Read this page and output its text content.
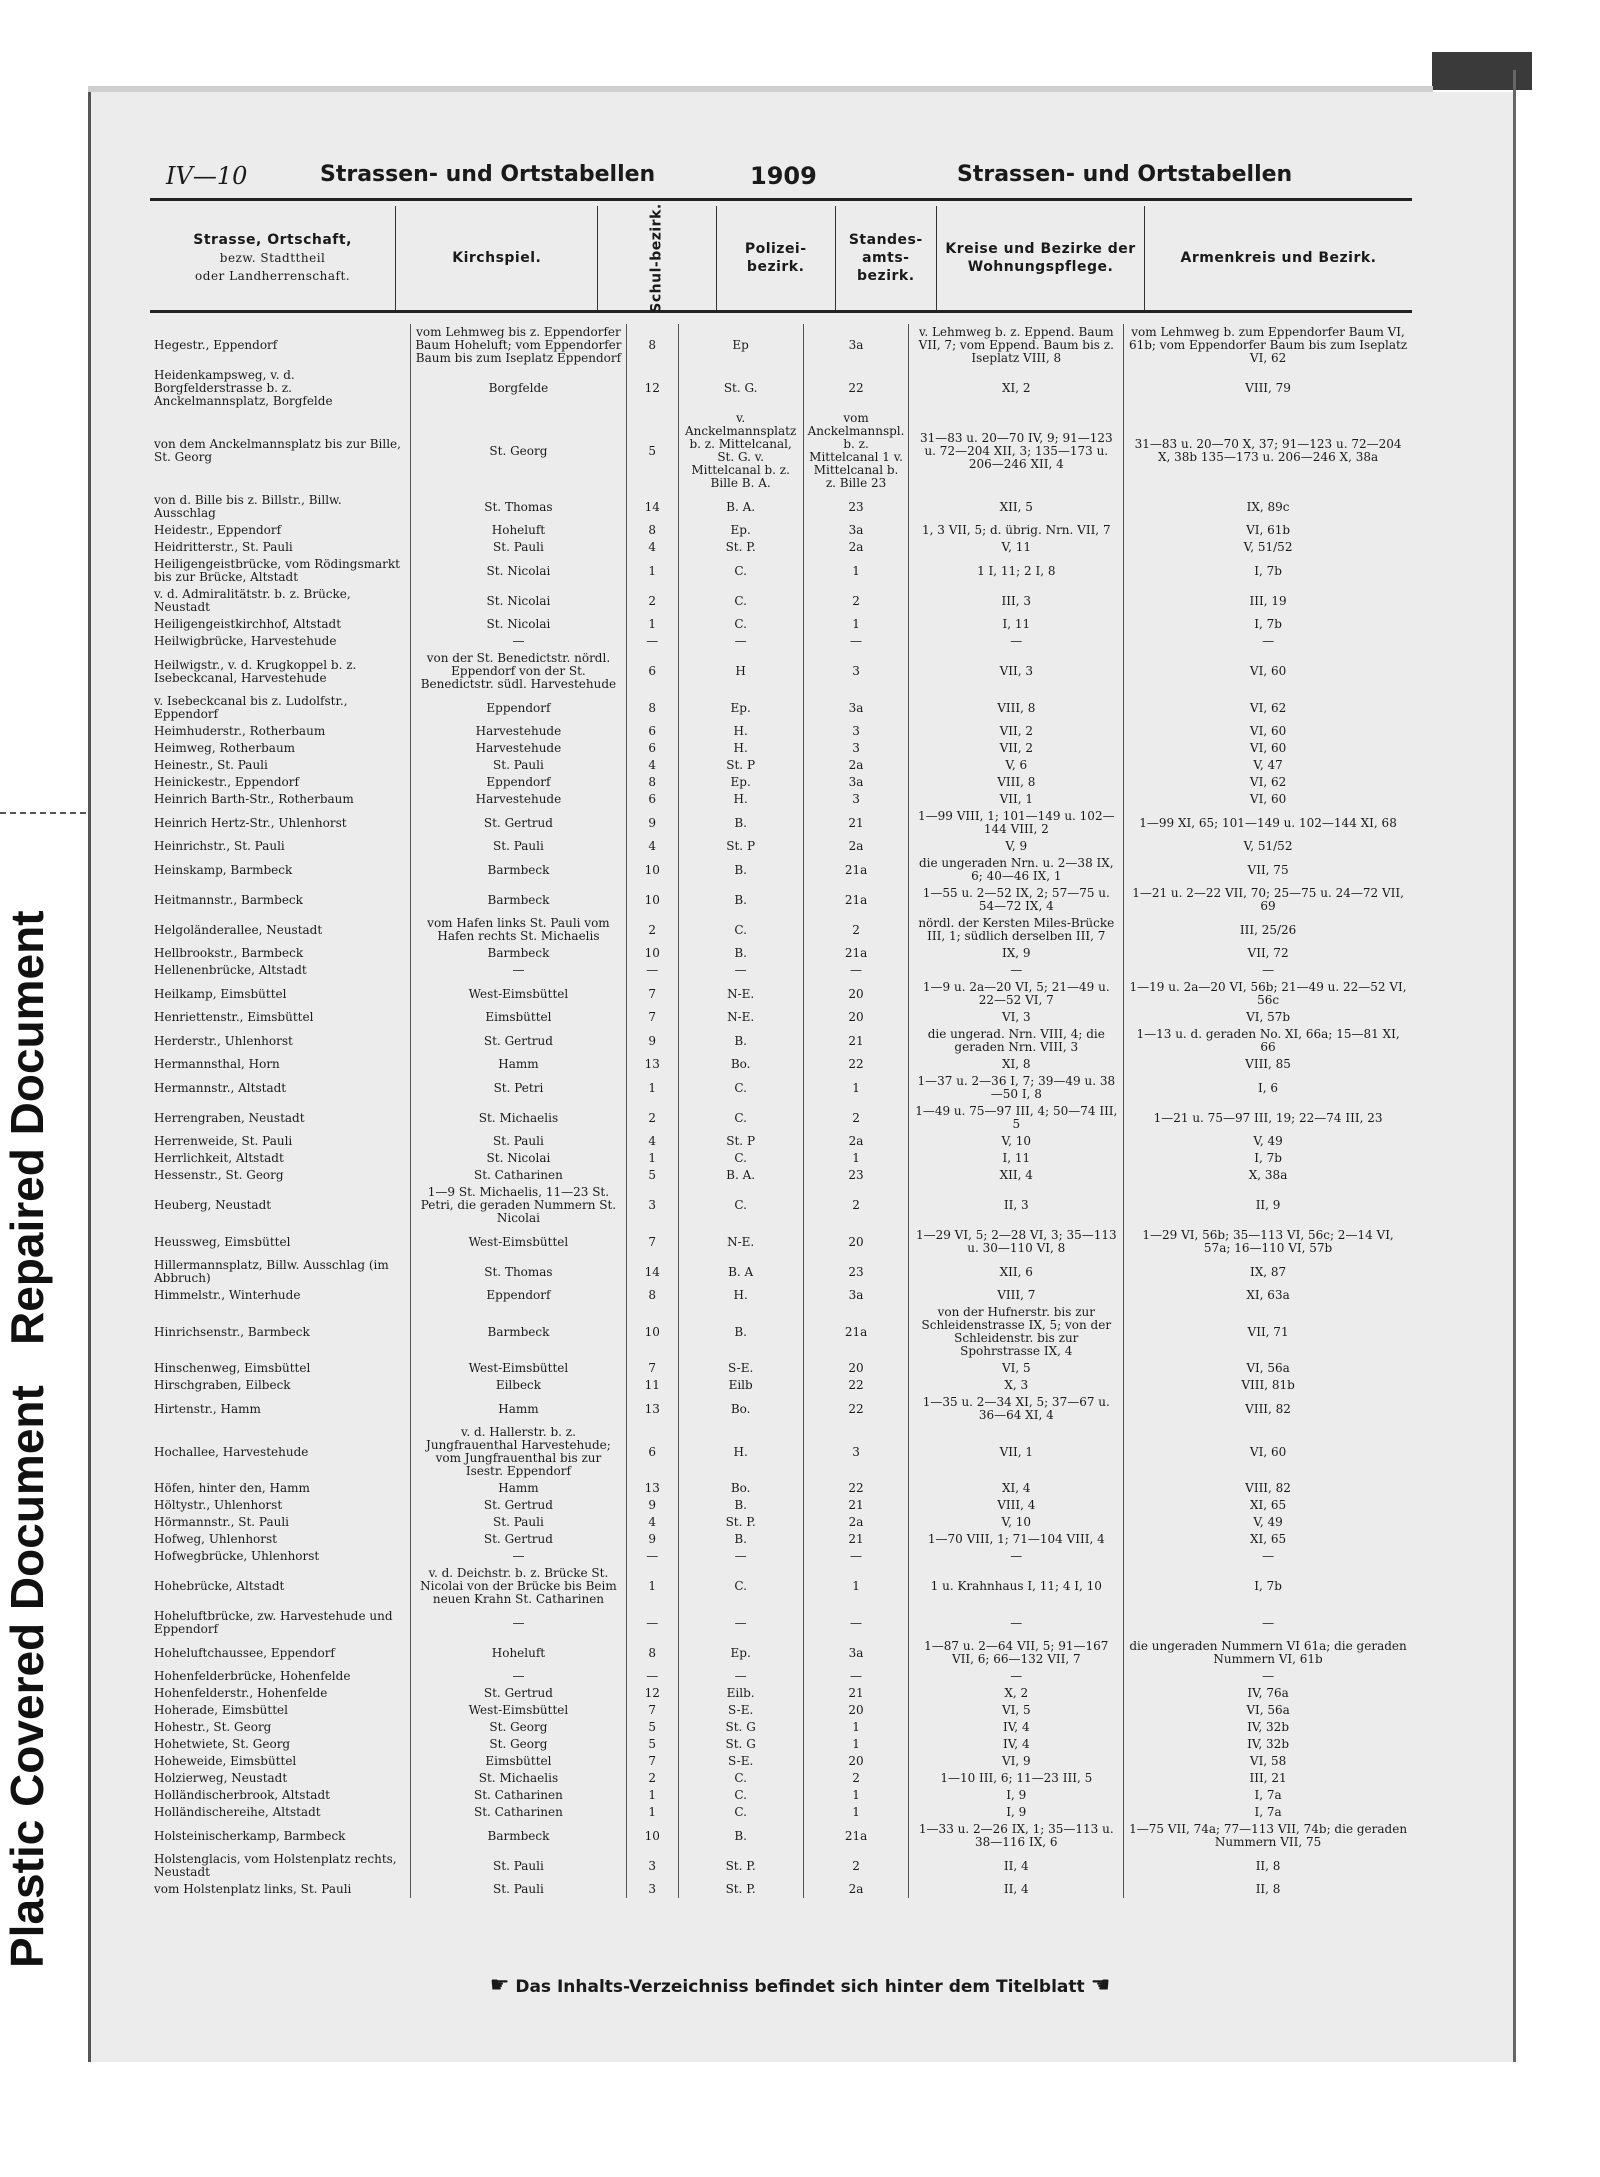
Repaired Document
Plastic Covered Document
IV—10	Strassen- und Ortstabellen	1909	Strassen- und Ortstabellen
Strasse, Ortschaft,
bezw. Stadttheil
oder Landherrenschaft.
	Kirchspiel.	Schul-bezirk.	Polizei-bezirk.	Standes-amts-bezirk.	Kreise und Bezirke der Wohnungspflege.	Armenkreis und Bezirk.
Hegestr., Eppendorf	vom Lehmweg bis z. Eppendorfer Baum Hoheluft; vom Eppendorfer Baum bis zum Iseplatz Eppendorf	8	Ep	3a	v. Lehmweg b. z. Eppend. Baum VII, 7; vom Eppend. Baum bis z. Iseplatz VIII, 8	vom Lehmweg b. zum Eppendorfer Baum VI, 61b; vom Eppendorfer Baum bis zum Iseplatz VI, 62
Heidenkampsweg, v. d. Borgfelderstrasse b. z. Anckelmannsplatz, Borgfelde	Borgfelde	12	St. G.	22	XI, 2	VIII, 79
von dem Anckelmannsplatz bis zur Bille, St. Georg	St. Georg	5	v. Anckelmannsplatz b. z. Mittelcanal, St. G. v. Mittelcanal b. z. Bille B. A.	vom Anckelmannspl. b. z. Mittelcanal 1 v. Mittelcanal b. z. Bille 23	31—83 u. 20—70 IV, 9; 91—123 u. 72—204 XII, 3; 135—173 u. 206—246 XII, 4	31—83 u. 20—70 X, 37; 91—123 u. 72—204 X, 38b 135—173 u. 206—246 X, 38a
von d. Bille bis z. Billstr., Billw. Ausschlag	St. Thomas	14	B. A.	23	XII, 5	IX, 89c
Heidestr., Eppendorf	Hoheluft	8	Ep.	3a	1, 3 VII, 5; d. übrig. Nrn. VII, 7	VI, 61b
Heidritterstr., St. Pauli	St. Pauli	4	St. P.	2a	V, 11	V, 51/52
Heiligengeistbrücke, vom Rödingsmarkt bis zur Brücke, Altstadt	St. Nicolai	1	C.	1	1 I, 11; 2 I, 8	I, 7b
v. d. Admiralitätstr. b. z. Brücke, Neustadt	St. Nicolai	2	C.	2	III, 3	III, 19
Heiligengeistkirchhof, Altstadt	St. Nicolai	1	C.	1	I, 11	I, 7b
Heilwigbrücke, Harvestehude	—	—	—	—	—	—
Heilwigstr., v. d. Krugkoppel b. z. Isebeckcanal, Harvestehude	von der St. Benedictstr. nördl. Eppendorf von der St. Benedictstr. südl. Harvestehude	6	H	3	VII, 3	VI, 60
v. Isebeckcanal bis z. Ludolfstr., Eppendorf	Eppendorf	8	Ep.	3a	VIII, 8	VI, 62
Heimhuderstr., Rotherbaum	Harvestehude	6	H.	3	VII, 2	VI, 60
Heimweg, Rotherbaum	Harvestehude	6	H.	3	VII, 2	VI, 60
Heinestr., St. Pauli	St. Pauli	4	St. P	2a	V, 6	V, 47
Heinickestr., Eppendorf	Eppendorf	8	Ep.	3a	VIII, 8	VI, 62
Heinrich Barth-Str., Rotherbaum	Harvestehude	6	H.	3	VII, 1	VI, 60
Heinrich Hertz-Str., Uhlenhorst	St. Gertrud	9	B.	21	1—99 VIII, 1; 101—149 u. 102—144 VIII, 2	1—99 XI, 65; 101—149 u. 102—144 XI, 68
Heinrichstr., St. Pauli	St. Pauli	4	St. P	2a	V, 9	V, 51/52
Heinskamp, Barmbeck	Barmbeck	10	B.	21a	die ungeraden Nrn. u. 2—38 IX, 6; 40—46 IX, 1	VII, 75
Heitmannstr., Barmbeck	Barmbeck	10	B.	21a	1—55 u. 2—52 IX, 2; 57—75 u. 54—72 IX, 4	1—21 u. 2—22 VII, 70; 25—75 u. 24—72 VII, 69
Helgoländerallee, Neustadt	vom Hafen links St. Pauli vom Hafen rechts St. Michaelis	2	C.	2	nördl. der Kersten Miles-Brücke III, 1; südlich derselben III, 7	III, 25/26
Hellbrookstr., Barmbeck	Barmbeck	10	B.	21a	IX, 9	VII, 72
Hellenenbrücke, Altstadt	—	—	—	—	—	—
Heilkamp, Eimsbüttel	West-Eimsbüttel	7	N-E.	20	1—9 u. 2a—20 VI, 5; 21—49 u. 22—52 VI, 7	1—19 u. 2a—20 VI, 56b; 21—49 u. 22—52 VI, 56c
Henriettenstr., Eimsbüttel	Eimsbüttel	7	N-E.	20	VI, 3	VI, 57b
Herderstr., Uhlenhorst	St. Gertrud	9	B.	21	die ungerad. Nrn. VIII, 4; die geraden Nrn. VIII, 3	1—13 u. d. geraden No. XI, 66a; 15—81 XI, 66
Hermannsthal, Horn	Hamm	13	Bo.	22	XI, 8	VIII, 85
Hermannstr., Altstadt	St. Petri	1	C.	1	1—37 u. 2—36 I, 7; 39—49 u. 38—50 I, 8	I, 6
Herrengraben, Neustadt	St. Michaelis	2	C.	2	1—49 u. 75—97 III, 4; 50—74 III, 5	1—21 u. 75—97 III, 19; 22—74 III, 23
Herrenweide, St. Pauli	St. Pauli	4	St. P	2a	V, 10	V, 49
Herrlichkeit, Altstadt	St. Nicolai	1	C.	1	I, 11	I, 7b
Hessenstr., St. Georg	St. Catharinen	5	B. A.	23	XII, 4	X, 38a
Heuberg, Neustadt	1—9 St. Michaelis, 11—23 St. Petri, die geraden Nummern St. Nicolai	3	C.	2	II, 3	II, 9
Heussweg, Eimsbüttel	West-Eimsbüttel	7	N-E.	20	1—29 VI, 5; 2—28 VI, 3; 35—113 u. 30—110 VI, 8	1—29 VI, 56b; 35—113 VI, 56c; 2—14 VI, 57a; 16—110 VI, 57b
Hillermannsplatz, Billw. Ausschlag (im Abbruch)	St. Thomas	14	B. A	23	XII, 6	IX, 87
Himmelstr., Winterhude	Eppendorf	8	H.	3a	VIII, 7	XI, 63a
Hinrichsenstr., Barmbeck	Barmbeck	10	B.	21a	von der Hufnerstr. bis zur Schleidenstrasse IX, 5; von der Schleidenstr. bis zur Spohrstrasse IX, 4	VII, 71
Hinschenweg, Eimsbüttel	West-Eimsbüttel	7	S-E.	20	VI, 5	VI, 56a
Hirschgraben, Eilbeck	Eilbeck	11	Eilb	22	X, 3	VIII, 81b
Hirtenstr., Hamm	Hamm	13	Bo.	22	1—35 u. 2—34 XI, 5; 37—67 u. 36—64 XI, 4	VIII, 82
Hochallee, Harvestehude	v. d. Hallerstr. b. z. Jungfrauenthal Harvestehude; vom Jungfrauenthal bis zur Isestr. Eppendorf	6	H.	3	VII, 1	VI, 60
Höfen, hinter den, Hamm	Hamm	13	Bo.	22	XI, 4	VIII, 82
Höltystr., Uhlenhorst	St. Gertrud	9	B.	21	VIII, 4	XI, 65
Hörmannstr., St. Pauli	St. Pauli	4	St. P.	2a	V, 10	V, 49
Hofweg, Uhlenhorst	St. Gertrud	9	B.	21	1—70 VIII, 1; 71—104 VIII, 4	XI, 65
Hofwegbrücke, Uhlenhorst	—	—	—	—	—	—
Hohebrücke, Altstadt	v. d. Deichstr. b. z. Brücke St. Nicolai von der Brücke bis Beim neuen Krahn St. Catharinen	1	C.	1	1 u. Krahnhaus I, 11; 4 I, 10	I, 7b
Hoheluftbrücke, zw. Harvestehude und Eppendorf	—	—	—	—	—	—
Hoheluftchaussee, Eppendorf	Hoheluft	8	Ep.	3a	1—87 u. 2—64 VII, 5; 91—167 VII, 6; 66—132 VII, 7	die ungeraden Nummern VI 61a; die geraden Nummern VI, 61b
Hohenfelderbrücke, Hohenfelde	—	—	—	—	—	—
Hohenfelderstr., Hohenfelde	St. Gertrud	12	Eilb.	21	X, 2	IV, 76a
Hoherade, Eimsbüttel	West-Eimsbüttel	7	S-E.	20	VI, 5	VI, 56a
Hohestr., St. Georg	St. Georg	5	St. G	1	IV, 4	IV, 32b
Hohetwiete, St. Georg	St. Georg	5	St. G	1	IV, 4	IV, 32b
Hoheweide, Eimsbüttel	Eimsbüttel	7	S-E.	20	VI, 9	VI, 58
Holzierweg, Neustadt	St. Michaelis	2	C.	2	1—10 III, 6; 11—23 III, 5	III, 21
Holländischerbrook, Altstadt	St. Catharinen	1	C.	1	I, 9	I, 7a
Holländischereihe, Altstadt	St. Catharinen	1	C.	1	I, 9	I, 7a
Holsteinischerkamp, Barmbeck	Barmbeck	10	B.	21a	1—33 u. 2—26 IX, 1; 35—113 u. 38—116 IX, 6	1—75 VII, 74a; 77—113 VII, 74b; die geraden Nummern VII, 75
Holstenglacis, vom Holstenplatz rechts, Neustadt	St. Pauli	3	St. P.	2	II, 4	II, 8
vom Holstenplatz links, St. Pauli	St. Pauli	3	St. P.	2a	II, 4	II, 8
☛ Das Inhalts-Verzeichniss befindet sich hinter dem Titelblatt ☚
